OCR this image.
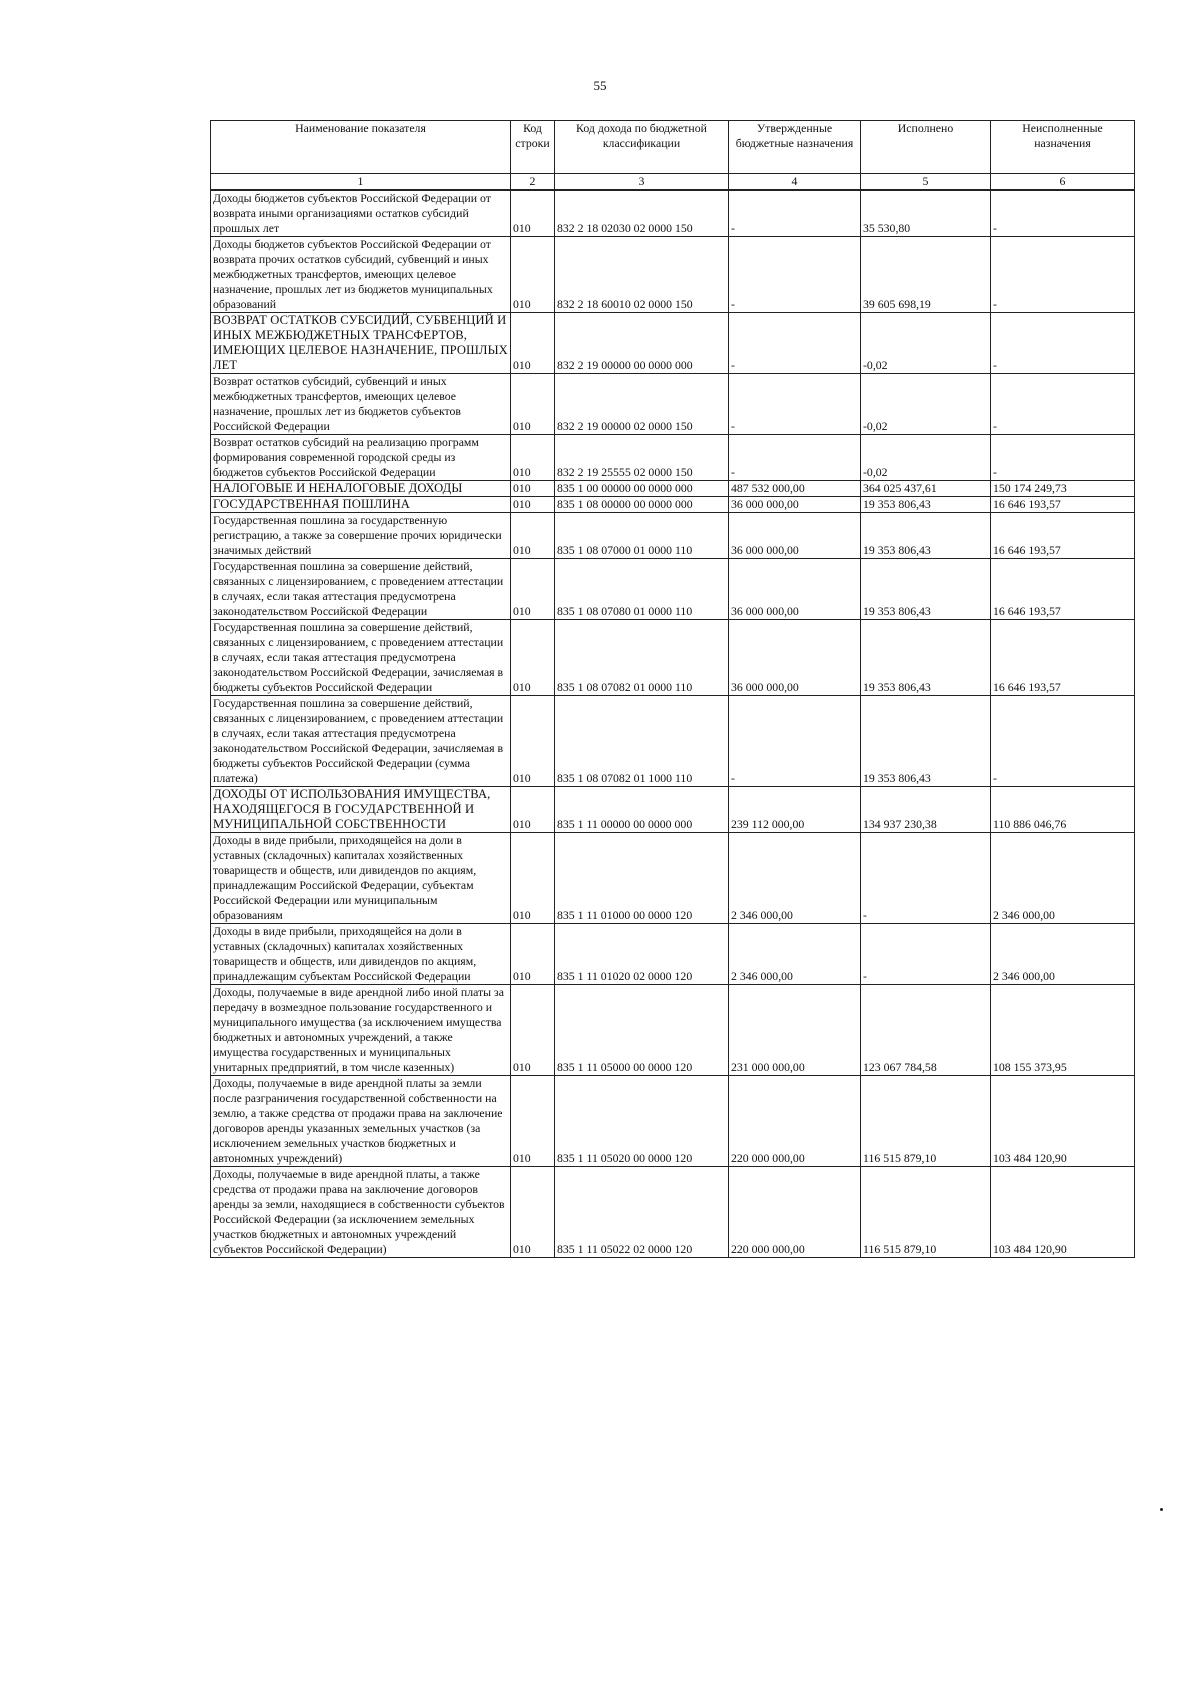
55
Наименование показателя	Код строки	Код дохода по бюджетной классификации	Утвержденные бюджетные назначения	Исполнено	Неисполненные назначения
1	2	3	4	5	6
Доходы бюджетов субъектов Российской Федерации от возврата иными организациями остатков субсидий прошлых лет	010	832 2 18 02030 02 0000 150	-	35 530,80	-
Доходы бюджетов субъектов Российской Федерации от возврата прочих остатков субсидий, субвенций и иных межбюджетных трансфертов, имеющих целевое назначение, прошлых лет из бюджетов муниципальных образований	010	832 2 18 60010 02 0000 150	-	39 605 698,19	-
ВОЗВРАТ ОСТАТКОВ СУБСИДИЙ, СУБВЕНЦИЙ И ИНЫХ МЕЖБЮДЖЕТНЫХ ТРАНСФЕРТОВ, ИМЕЮЩИХ ЦЕЛЕВОЕ НАЗНАЧЕНИЕ, ПРОШЛЫХ ЛЕТ	010	832 2 19 00000 00 0000 000	-	-0,02	-
Возврат остатков субсидий, субвенций и иных межбюджетных трансфертов, имеющих целевое назначение, прошлых лет из бюджетов субъектов Российской Федерации	010	832 2 19 00000 02 0000 150	-	-0,02	-
Возврат остатков субсидий на реализацию программ формирования современной городской среды из бюджетов субъектов Российской Федерации	010	832 2 19 25555 02 0000 150	-	-0,02	-
НАЛОГОВЫЕ И НЕНАЛОГОВЫЕ ДОХОДЫ	010	835 1 00 00000 00 0000 000	487 532 000,00	364 025 437,61	150 174 249,73
ГОСУДАРСТВЕННАЯ ПОШЛИНА	010	835 1 08 00000 00 0000 000	36 000 000,00	19 353 806,43	16 646 193,57
Государственная пошлина за государственную регистрацию, а также за совершение прочих юридически значимых действий	010	835 1 08 07000 01 0000 110	36 000 000,00	19 353 806,43	16 646 193,57
Государственная пошлина за совершение действий, связанных с лицензированием, с проведением аттестации в случаях, если такая аттестация предусмотрена законодательством Российской Федерации	010	835 1 08 07080 01 0000 110	36 000 000,00	19 353 806,43	16 646 193,57
Государственная пошлина за совершение действий, связанных с лицензированием, с проведением аттестации в случаях, если такая аттестация предусмотрена законодательством Российской Федерации, зачисляемая в бюджеты субъектов Российской Федерации	010	835 1 08 07082 01 0000 110	36 000 000,00	19 353 806,43	16 646 193,57
Государственная пошлина за совершение действий, связанных с лицензированием, с проведением аттестации в случаях, если такая аттестация предусмотрена законодательством Российской Федерации, зачисляемая в бюджеты субъектов Российской Федерации (сумма платежа)	010	835 1 08 07082 01 1000 110	-	19 353 806,43	-
ДОХОДЫ ОТ ИСПОЛЬЗОВАНИЯ ИМУЩЕСТВА, НАХОДЯЩЕГОСЯ В ГОСУДАРСТВЕННОЙ И МУНИЦИПАЛЬНОЙ СОБСТВЕННОСТИ	010	835 1 11 00000 00 0000 000	239 112 000,00	134 937 230,38	110 886 046,76
Доходы в виде прибыли, приходящейся на доли в уставных (складочных) капиталах хозяйственных товариществ и обществ, или дивидендов по акциям, принадлежащим Российской Федерации, субъектам Российской Федерации или муниципальным образованиям	010	835 1 11 01000 00 0000 120	2 346 000,00	-	2 346 000,00
Доходы в виде прибыли, приходящейся на доли в уставных (складочных) капиталах хозяйственных товариществ и обществ, или дивидендов по акциям, принадлежащим субъектам Российской Федерации	010	835 1 11 01020 02 0000 120	2 346 000,00	-	2 346 000,00
Доходы, получаемые в виде арендной либо иной платы за передачу в возмездное пользование государственного и муниципального имущества (за исключением имущества бюджетных и автономных учреждений, а также имущества государственных и муниципальных унитарных предприятий, в том числе казенных)	010	835 1 11 05000 00 0000 120	231 000 000,00	123 067 784,58	108 155 373,95
Доходы, получаемые в виде арендной платы за земли после разграничения государственной собственности на землю, а также средства от продажи права на заключение договоров аренды указанных земельных участков (за исключением земельных участков бюджетных и автономных учреждений)	010	835 1 11 05020 00 0000 120	220 000 000,00	116 515 879,10	103 484 120,90
Доходы, получаемые в виде арендной платы, а также средства от продажи права на заключение договоров аренды за земли, находящиеся в собственности субъектов Российской Федерации (за исключением земельных участков бюджетных и автономных учреждений субъектов Российской Федерации)	010	835 1 11 05022 02 0000 120	220 000 000,00	116 515 879,10	103 484 120,90
